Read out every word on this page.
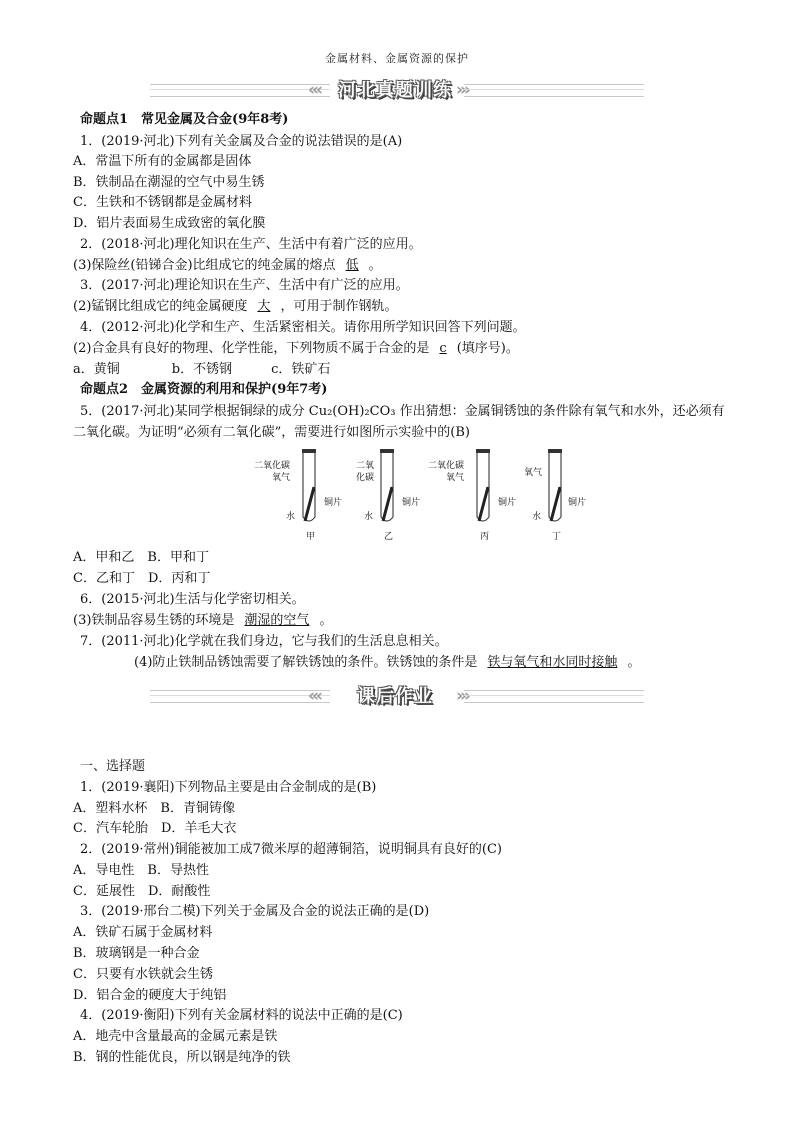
金属材料、金属资源的保护
‹‹‹ 河北真题训练 ›››
命题点1　常见金属及合金(9年8考)
1．(2019·河北)下列有关金属及合金的说法错误的是(A)
A．常温下所有的金属都是固体
B．铁制品在潮湿的空气中易生锈
C．生铁和不锈钢都是金属材料
D．铝片表面易生成致密的氧化膜
2．(2018·河北)理化知识在生产、生活中有着广泛的应用。
(3)保险丝(铅锑合金)比组成它的纯金属的熔点 低 。
3．(2017·河北)理论知识在生产、生活中有广泛的应用。
(2)锰钢比组成它的纯金属硬度 大 ，可用于制作钢轨。
4．(2012·河北)化学和生产、生活紧密相关。请你用所学知识回答下列问题。
(2)合金具有良好的物理、化学性能，下列物质不属于合金的是 c (填序号)。
a．黄铜　　　　b．不锈钢　　　c．铁矿石
命题点2　金属资源的利用和保护(9年7考)
5．(2017·河北)某同学根据铜绿的成分 Cu₂(OH)₂CO₃ 作出猜想：金属铜锈蚀的条件除有氧气和水外，还必须有
二氧化碳。为证明“必须有二氧化碳”，需要进行如图所示实验中的(B)
二氧化碳
氧气
铜片
水
甲
二氧
化碳
铜片
水
乙
二氧化碳
氧气
铜片
丙
氧气
铜片
水
丁
A．甲和乙　B．甲和丁
C．乙和丁　D．丙和丁
6．(2015·河北)生活与化学密切相关。
(3)铁制品容易生锈的环境是 潮湿的空气 。
7．(2011·河北)化学就在我们身边，它与我们的生活息息相关。
(4)防止铁制品锈蚀需要了解铁锈蚀的条件。铁锈蚀的条件是 铁与氧气和水同时接触 。
‹‹‹	课后作业	›››
一、选择题
1．(2019·襄阳)下列物品主要是由合金制成的是(B)
A．塑料水杯　B．青铜铸像
C．汽车轮胎　D．羊毛大衣
2．(2019·常州)铜能被加工成7微米厚的超薄铜箔，说明铜具有良好的(C)
A．导电性　B．导热性
C．延展性　D．耐酸性
3．(2019·邢台二模)下列关于金属及合金的说法正确的是(D)
A．铁矿石属于金属材料
B．玻璃钢是一种合金
C．只要有水铁就会生锈
D．铝合金的硬度大于纯铝
4．(2019·衡阳)下列有关金属材料的说法中正确的是(C)
A．地壳中含量最高的金属元素是铁
B．钢的性能优良，所以钢是纯净的铁
